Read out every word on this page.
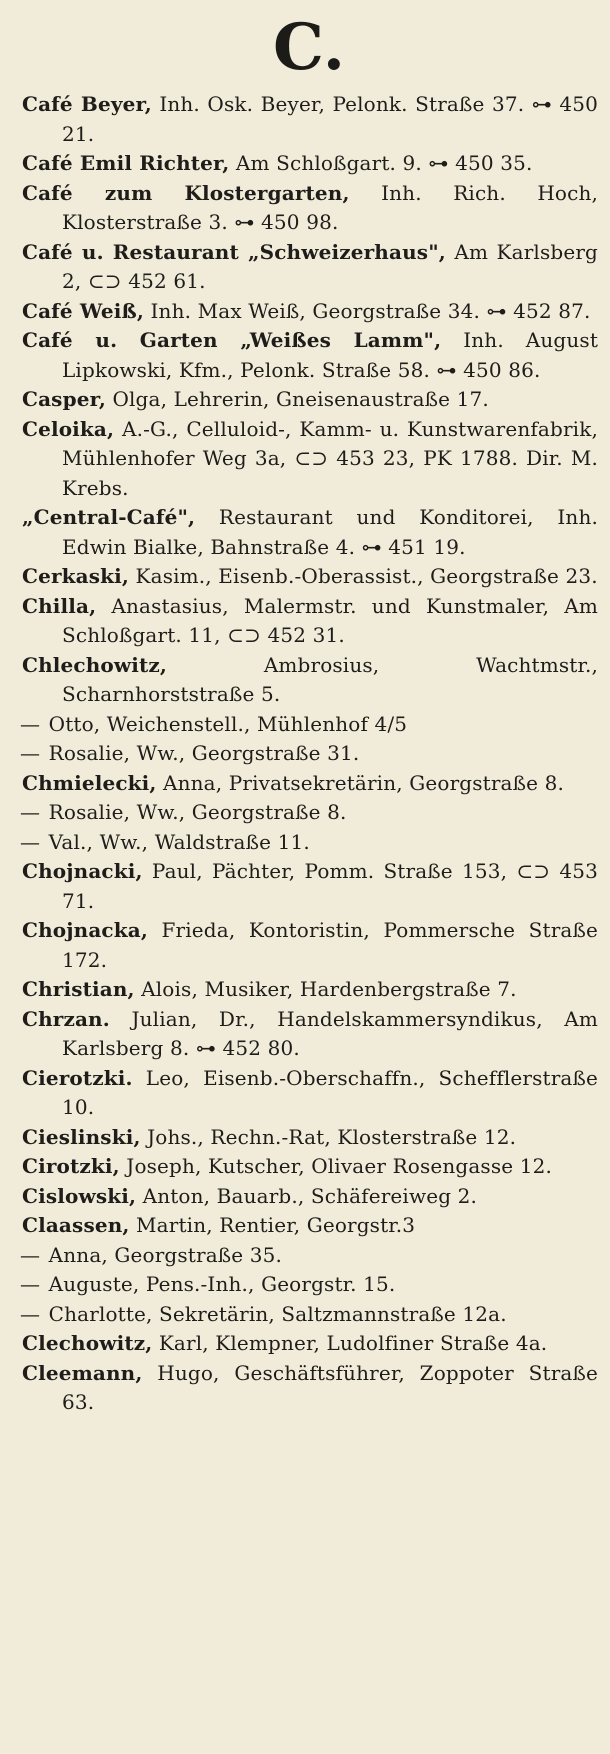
C.
Café Beyer, Inh. Osk. Beyer, Pelonk. Straße 37. ⊶ 450 21.
Café Emil Richter, Am Schloßgart. 9. ⊶ 450 35.
Café zum Klostergarten, Inh. Rich. Hoch, Klosterstraße 3. ⊶ 450 98.
Café u. Restaurant „Schweizerhaus", Am Karlsberg 2, ⊂⊃ 452 61.
Café Weiß, Inh. Max Weiß, Georgstraße 34. ⊶ 452 87.
Café u. Garten „Weißes Lamm", Inh. August Lipkowski, Kfm., Pelonk. Straße 58. ⊶ 450 86.
Casper, Olga, Lehrerin, Gneisenaustraße 17.
Celoika, A.-G., Celluloid-, Kamm- u. Kunstwarenfabrik, Mühlenhofer Weg 3a, ⊂⊃ 453 23, PK 1788. Dir. M. Krebs.
„Central-Café", Restaurant und Konditorei, Inh. Edwin Bialke, Bahnstraße 4. ⊶ 451 19.
Cerkaski, Kasim., Eisenb.-Oberassist., Georgstraße 23.
Chilla, Anastasius, Malermstr. und Kunstmaler, Am Schloßgart. 11, ⊂⊃ 452 31.
Chlechowitz, Ambrosius, Wachtmstr., Scharnhorststraße 5.
— Otto, Weichenstell., Mühlenhof 4/5
— Rosalie, Ww., Georgstraße 31.
Chmielecki, Anna, Privatsekretärin, Georgstraße 8.
— Rosalie, Ww., Georgstraße 8.
— Val., Ww., Waldstraße 11.
Chojnacki, Paul, Pächter, Pomm. Straße 153, ⊂⊃ 453 71.
Chojnacka, Frieda, Kontoristin, Pommersche Straße 172.
Christian, Alois, Musiker, Hardenbergstraße 7.
Chrzan. Julian, Dr., Handelskammersyndikus, Am Karlsberg 8. ⊶ 452 80.
Cierotzki. Leo, Eisenb.-Oberschaffn., Schefflerstraße 10.
Cieslinski, Johs., Rechn.-Rat, Klosterstraße 12.
Cirotzki, Joseph, Kutscher, Olivaer Rosengasse 12.
Cislowski, Anton, Bauarb., Schäfereiweg 2.
Claassen, Martin, Rentier, Georgstr.3
— Anna, Georgstraße 35.
— Auguste, Pens.-Inh., Georgstr. 15.
— Charlotte, Sekretärin, Saltzmannstraße 12a.
Clechowitz, Karl, Klempner, Ludolfiner Straße 4a.
Cleemann, Hugo, Geschäftsführer, Zoppoter Straße 63.
